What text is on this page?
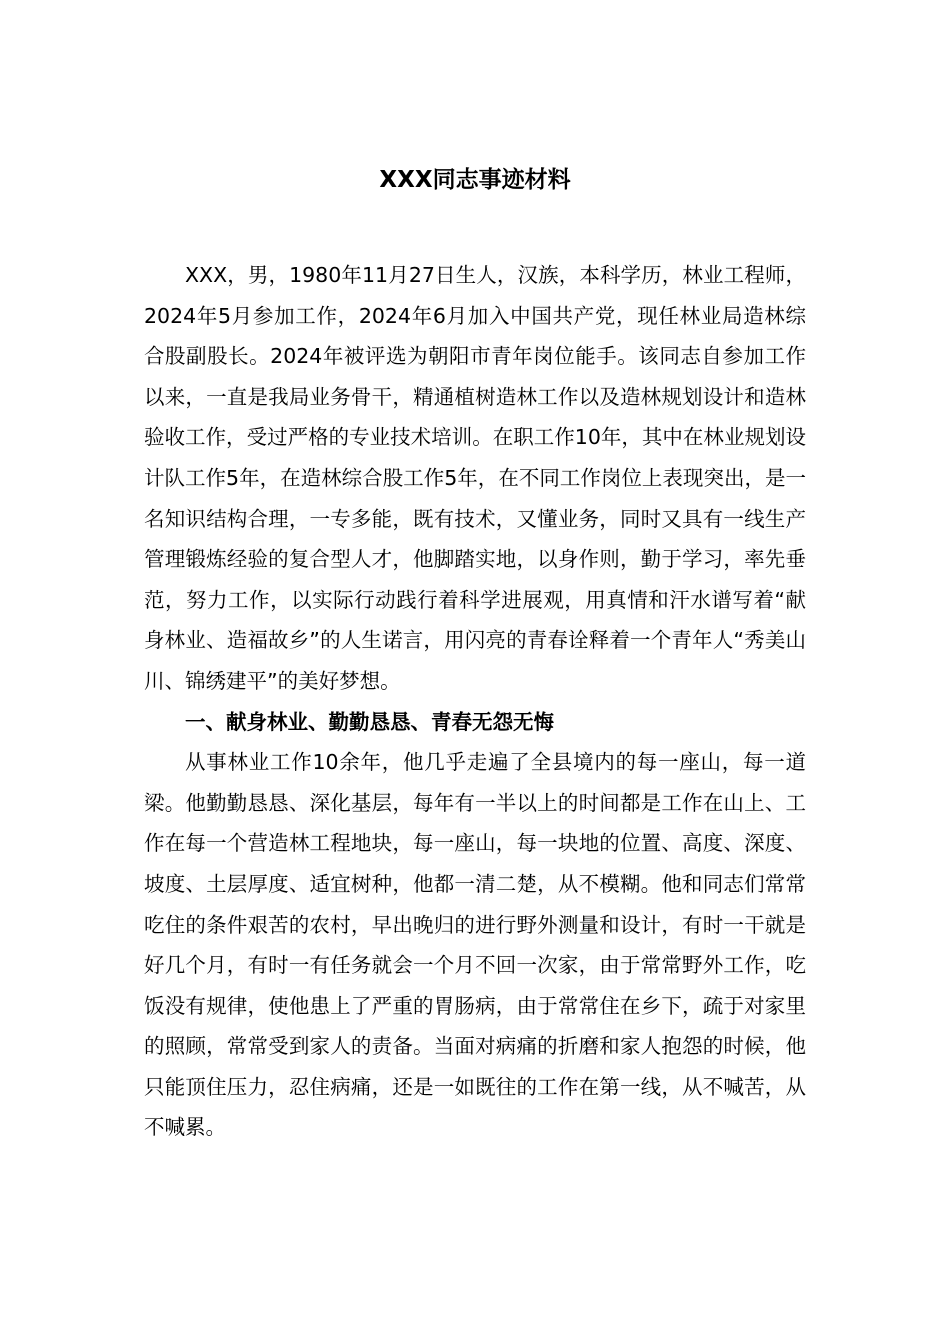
XXX同志事迹材料

XXX，男，1980年11月27日生人，汉族，本科学历，林业工程师，2024年5月参加工作，2024年6月加入中国共产党，现任林业局造林综合股副股长。2024年被评选为朝阳市青年岗位能手。该同志自参加工作以来，一直是我局业务骨干，精通植树造林工作以及造林规划设计和造林验收工作，受过严格的专业技术培训。在职工作10年，其中在林业规划设计队工作5年，在造林综合股工作5年，在不同工作岗位上表现突出，是一名知识结构合理，一专多能，既有技术，又懂业务，同时又具有一线生产管理锻炼经验的复合型人才，他脚踏实地，以身作则，勤于学习，率先垂范，努力工作，以实际行动践行着科学进展观，用真情和汗水谱写着“献身林业、造福故乡”的人生诺言，用闪亮的青春诠释着一个青年人“秀美山川、锦绣建平”的美好梦想。

一、献身林业、勤勤恳恳、青春无怨无悔

从事林业工作10余年，他几乎走遍了全县境内的每一座山，每一道梁。他勤勤恳恳、深化基层，每年有一半以上的时间都是工作在山上、工作在每一个营造林工程地块，每一座山，每一块地的位置、高度、深度、坡度、土层厚度、适宜树种，他都一清二楚，从不模糊。他和同志们常常吃住的条件艰苦的农村，早出晚归的进行野外测量和设计，有时一干就是好几个月，有时一有任务就会一个月不回一次家，由于常常野外工作，吃饭没有规律，使他患上了严重的胃肠病，由于常常住在乡下，疏于对家里的照顾，常常受到家人的责备。当面对病痛的折磨和家人抱怨的时候，他只能顶住压力，忍住病痛，还是一如既往的工作在第一线，从不喊苦，从不喊累。
